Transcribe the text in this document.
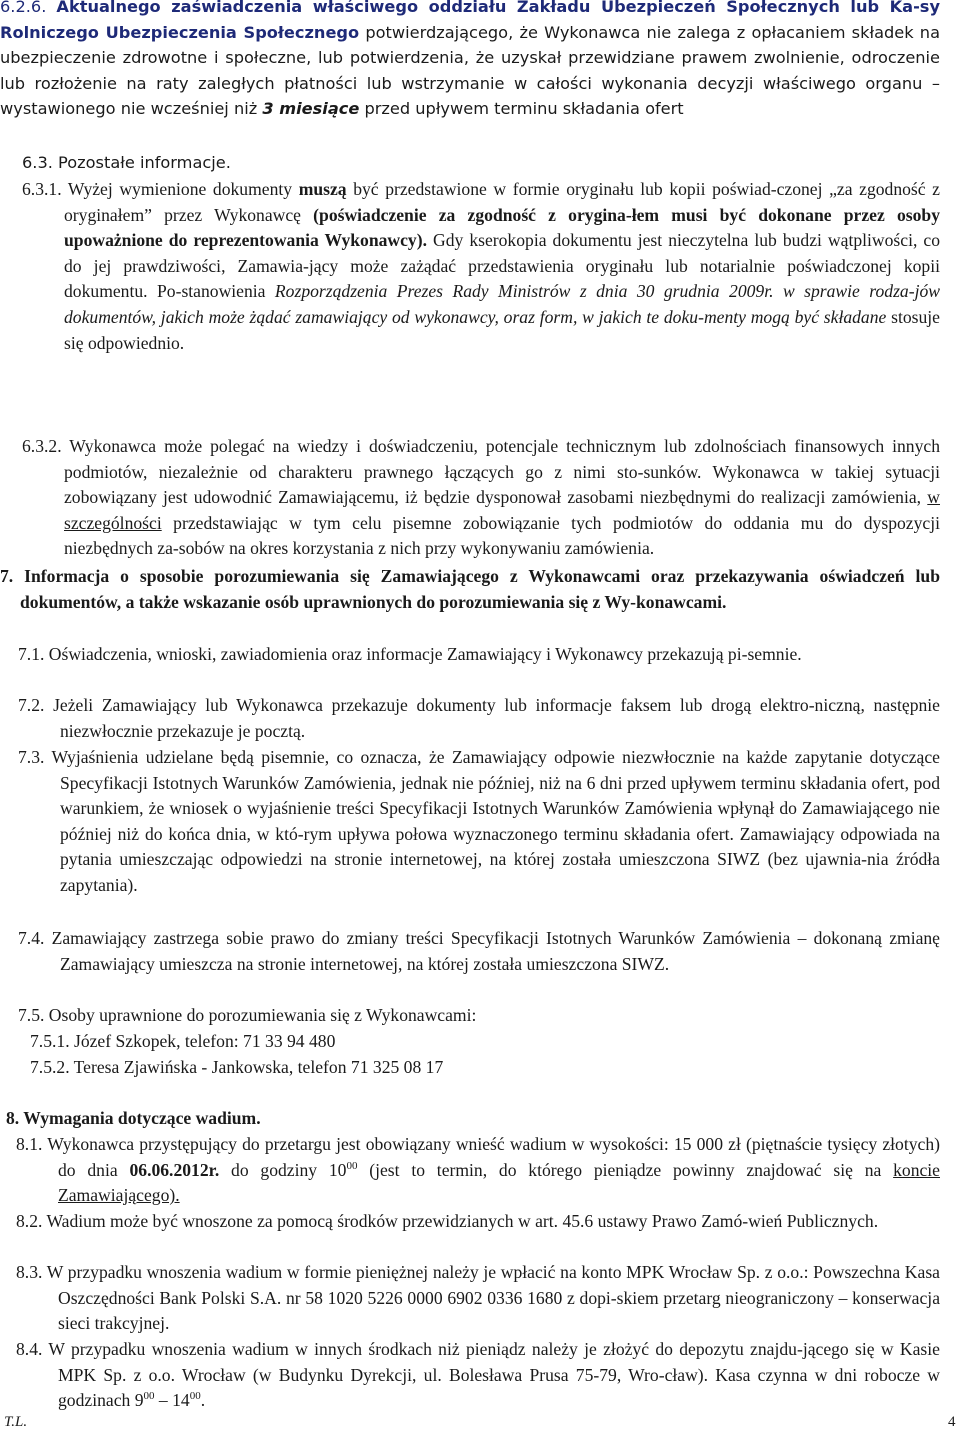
6.2.6. Aktualnego zaświadczenia właściwego oddziału Zakładu Ubezpieczeń Społecznych lub Ka-sy Rolniczego Ubezpieczenia Społecznego potwierdzającego, że Wykonawca nie zalega z opłacaniem składek na ubezpieczenie zdrowotne i społeczne, lub potwierdzenia, że uzyskał przewidziane prawem zwolnienie, odroczenie lub rozłożenie na raty zaległych płatności lub wstrzymanie w całości wykonania decyzji właściwego organu – wystawionego nie wcześniej niż 3 miesiące przed upływem terminu składania ofert

6.3. Pozostałe informacje.

6.3.1. Wyżej wymienione dokumenty muszą być przedstawione w formie oryginału lub kopii poświad-czonej „za zgodność z oryginałem” przez Wykonawcę (poświadczenie za zgodność z orygina-łem musi być dokonane przez osoby upoważnione do reprezentowania Wykonawcy). Gdy kserokopia dokumentu jest nieczytelna lub budzi wątpliwości, co do jej prawdziwości, Zamawia-jący może zażądać przedstawienia oryginału lub notarialnie poświadczonej kopii dokumentu. Po-stanowienia Rozporządzenia Prezes Rady Ministrów z dnia 30 grudnia 2009r. w sprawie rodza-jów dokumentów, jakich może żądać zamawiający od wykonawcy, oraz form, w jakich te doku-menty mogą być składane stosuje się odpowiednio.

6.3.2. Wykonawca może polegać na wiedzy i doświadczeniu, potencjale technicznym lub zdolnościach finansowych innych podmiotów, niezależnie od charakteru prawnego łączących go z nimi sto-sunków. Wykonawca w takiej sytuacji zobowiązany jest udowodnić Zamawiającemu, iż będzie dysponował zasobami niezbędnymi do realizacji zamówienia, w szczególności przedstawiając w tym celu pisemne zobowiązanie tych podmiotów do oddania mu do dyspozycji niezbędnych za-sobów na okres korzystania z nich przy wykonywaniu zamówienia.

7. Informacja o sposobie porozumiewania się Zamawiającego z Wykonawcami oraz przekazywania oświadczeń lub dokumentów, a także wskazanie osób uprawnionych do porozumiewania się z Wy-konawcami.

7.1. Oświadczenia, wnioski, zawiadomienia oraz informacje Zamawiający i Wykonawcy przekazują pi-semnie.

7.2. Jeżeli Zamawiający lub Wykonawca przekazuje dokumenty lub informacje faksem lub drogą elektro-niczną, następnie niezwłocznie przekazuje je pocztą.

7.3. Wyjaśnienia udzielane będą pisemnie, co oznacza, że Zamawiający odpowie niezwłocznie na każde zapytanie dotyczące Specyfikacji Istotnych Warunków Zamówienia, jednak nie później, niż na 6 dni przed upływem terminu składania ofert, pod warunkiem, że wniosek o wyjaśnienie treści Specyfikacji Istotnych Warunków Zamówienia wpłynął do Zamawiającego nie później niż do końca dnia, w któ-rym upływa połowa wyznaczonego terminu składania ofert. Zamawiający odpowiada na pytania umieszczając odpowiedzi na stronie internetowej, na której została umieszczona SIWZ (bez ujawnia-nia źródła zapytania).

7.4. Zamawiający zastrzega sobie prawo do zmiany treści Specyfikacji Istotnych Warunków Zamówienia – dokonaną zmianę Zamawiający umieszcza na stronie internetowej, na której została umieszczona SIWZ.

7.5. Osoby uprawnione do porozumiewania się z Wykonawcami:

7.5.1. Józef Szkopek, telefon: 71 33 94 480

7.5.2. Teresa Zjawińska - Jankowska, telefon 71 325 08 17

8. Wymagania dotyczące wadium.

8.1. Wykonawca przystępujący do przetargu jest obowiązany wnieść wadium w wysokości: 15 000 zł (piętnaście tysięcy złotych) do dnia 06.06.2012r. do godziny $10^{00}$ (jest to termin, do którego pieniądze powinny znajdować się na koncie Zamawiającego).

8.2. Wadium może być wnoszone za pomocą środków przewidzianych w art. 45.6 ustawy Prawo Zamó-wień Publicznych.

8.3. W przypadku wnoszenia wadium w formie pieniężnej należy je wpłacić na konto MPK Wrocław Sp. z o.o.: Powszechna Kasa Oszczędności Bank Polski S.A. nr 58 1020 5226 0000 6902 0336 1680 z dopi-skiem przetarg nieograniczony – konserwacja sieci trakcyjnej.

8.4. W przypadku wnoszenia wadium w innych środkach niż pieniądz należy je złożyć do depozytu znajdu-jącego się w Kasie MPK Sp. z o.o. Wrocław (w Budynku Dyrekcji, ul. Bolesława Prusa 75-79, Wro-cław). Kasa czynna w dni robocze w godzinach $9^{00} - 14^{00}$.

T.L.	4
